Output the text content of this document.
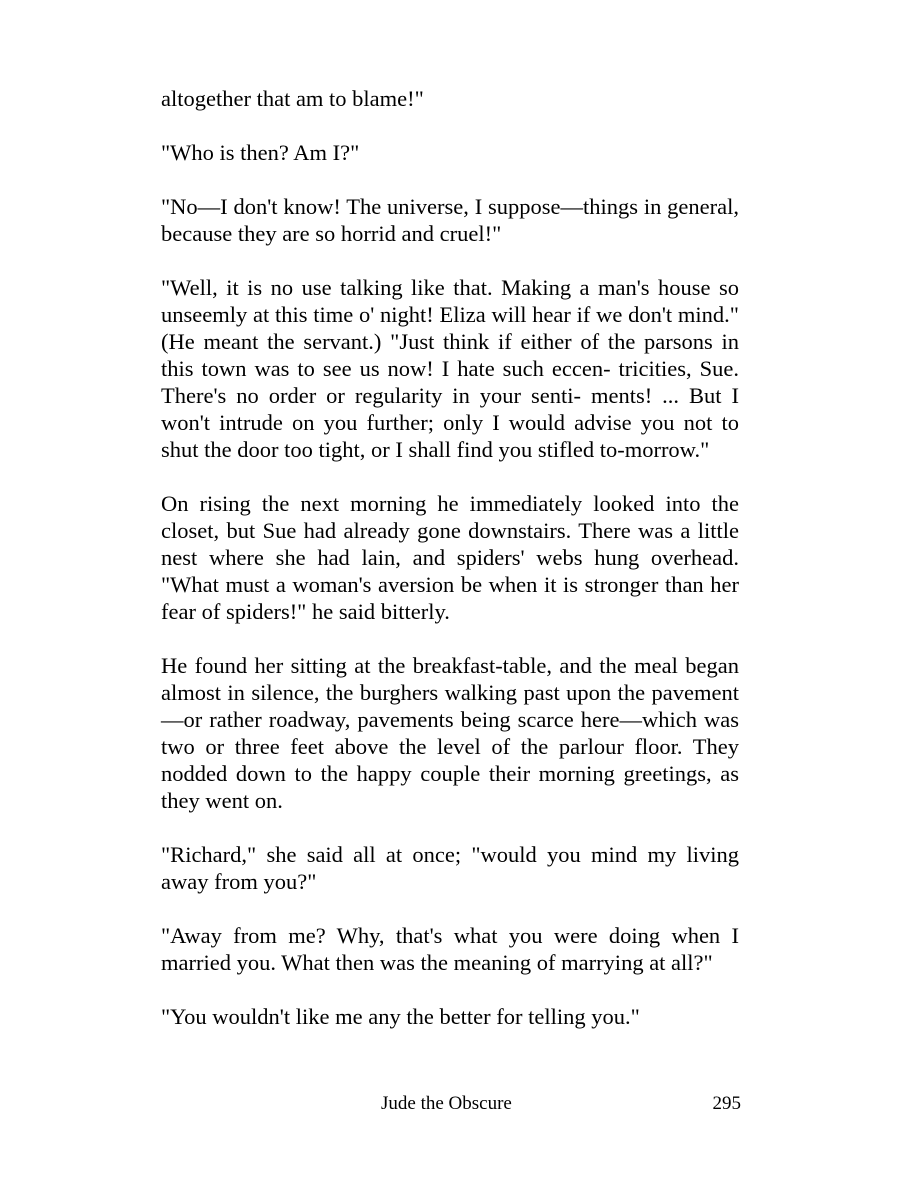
altogether that am to blame!"

"Who is then? Am I?"

"No—I don't know! The universe, I suppose—things in general, because they are so horrid and cruel!"

"Well, it is no use talking like that. Making a man's house so unseemly at this time o' night! Eliza will hear if we don't mind." (He meant the servant.) "Just think if either of the parsons in this town was to see us now! I hate such eccen- tricities, Sue. There's no order or regularity in your senti- ments! ... But I won't intrude on you further; only I would advise you not to shut the door too tight, or I shall find you stifled to-morrow."

On rising the next morning he immediately looked into the closet, but Sue had already gone downstairs. There was a little nest where she had lain, and spiders' webs hung overhead. "What must a woman's aversion be when it is stronger than her fear of spiders!" he said bitterly.

He found her sitting at the breakfast-table, and the meal began almost in silence, the burghers walking past upon the pavement—or rather roadway, pavements being scarce here—which was two or three feet above the level of the parlour floor. They nodded down to the happy couple their morning greetings, as they went on.

"Richard," she said all at once; "would you mind my living away from you?"

"Away from me? Why, that's what you were doing when I married you. What then was the meaning of marrying at all?"

"You wouldn't like me any the better for telling you."

Jude the Obscure	295
